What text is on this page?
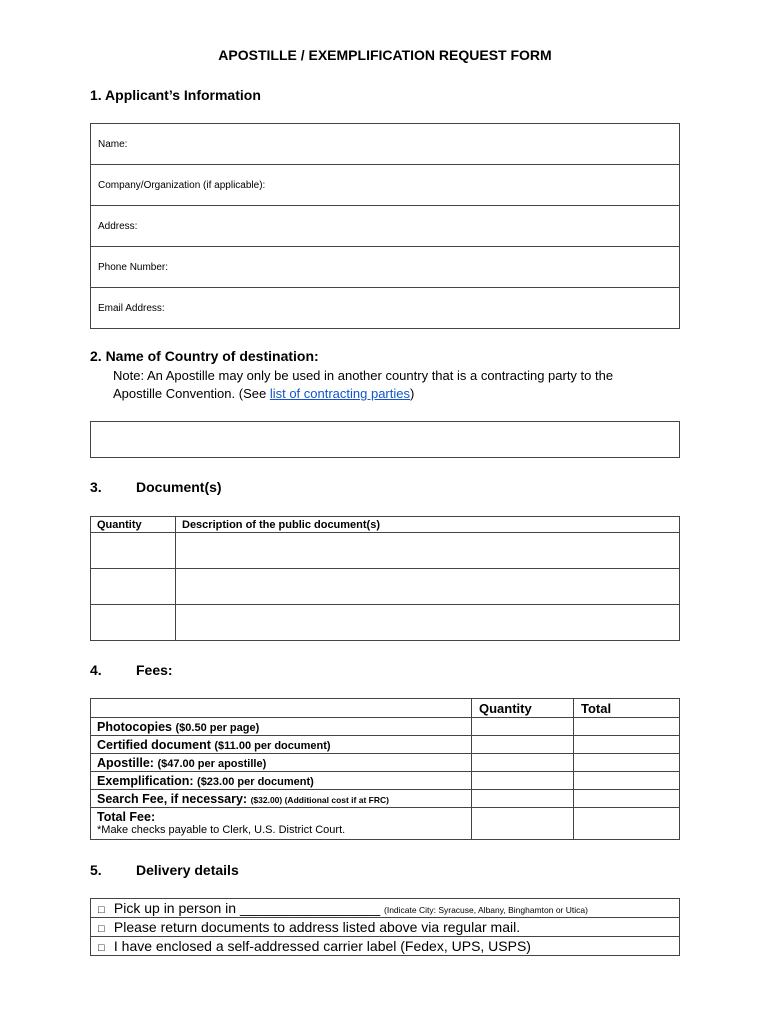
APOSTILLE / EXEMPLIFICATION REQUEST FORM
1. Applicant’s Information
Name:
Company/Organization (if applicable):
Address:
Phone Number:
Email Address:
2. Name of Country of destination:
Note: An Apostille may only be used in another country that is a contracting party to the
Apostille Convention. (See list of contracting parties)
3. Document(s)
Quantity	Description of the public document(s)

4. Fees:
	Quantity	Total
Photocopies ($0.50 per page)		
Certified document ($11.00 per document)		
Apostille: ($47.00 per apostille)		
Exemplification: ($23.00 per document)		
Search Fee, if necessary: ($32.00) (Additional cost if at FRC)		

Total Fee:
*Make checks payable to Clerk, U.S. District Court.		

5. Delivery details
□ Pick up in person in __________________ (Indicate City: Syracuse, Albany, Binghamton or Utica)
□ Please return documents to address listed above via regular mail.
□ I have enclosed a self-addressed carrier label (Fedex, UPS, USPS)
